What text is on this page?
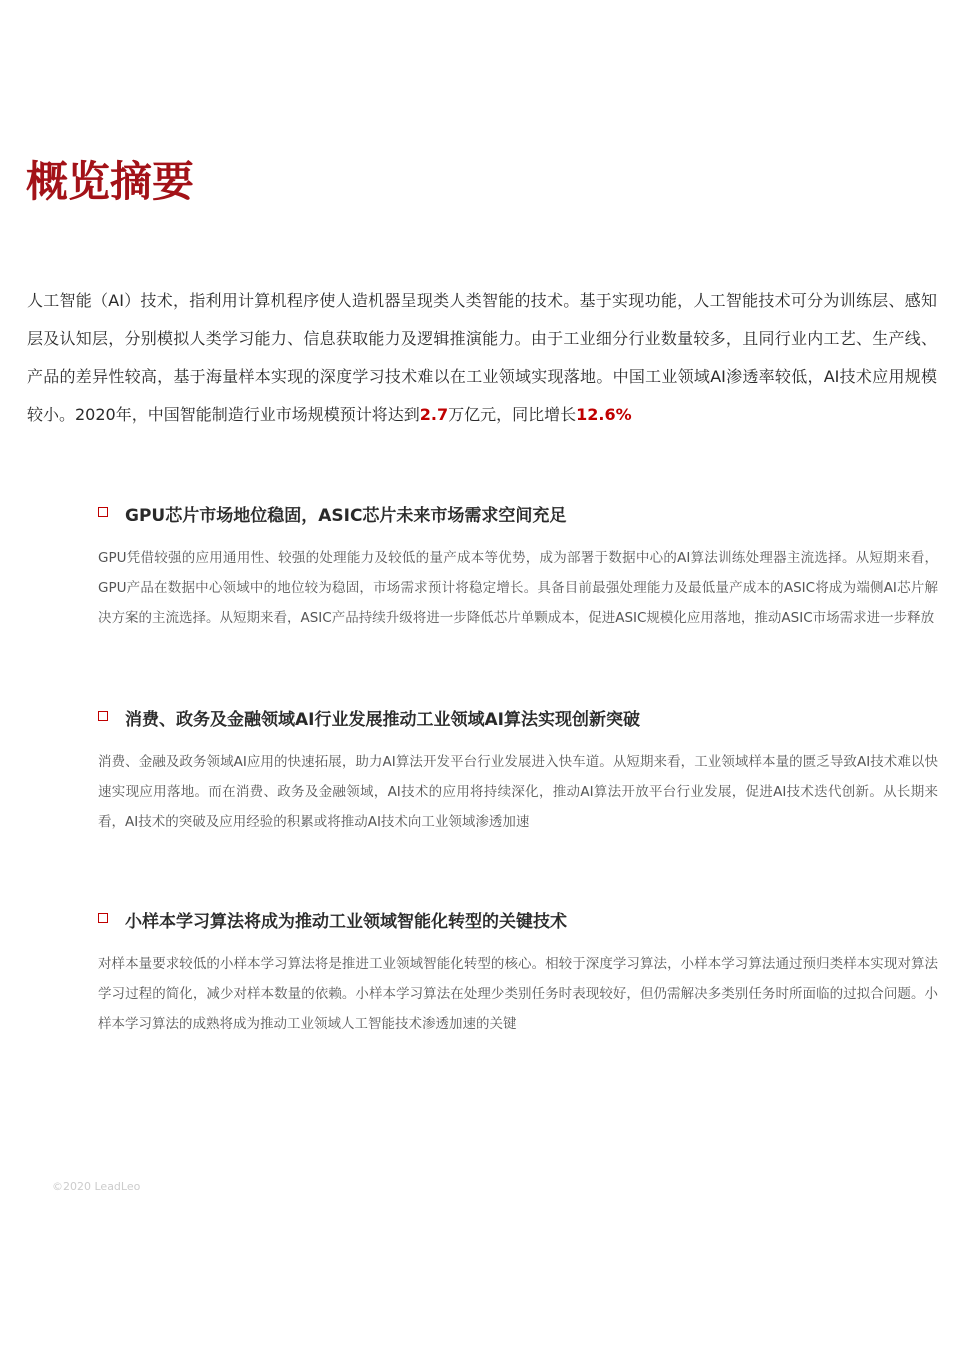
概览摘要
人工智能（AI）技术，指利用计算机程序使人造机器呈现类人类智能的技术。基于实现功能，人工智能技术可分为训练层、感知层及认知层，分别模拟人类学习能力、信息获取能力及逻辑推演能力。由于工业细分行业数量较多，且同行业内工艺、生产线、产品的差异性较高，基于海量样本实现的深度学习技术难以在工业领域实现落地。中国工业领域AI渗透率较低，AI技术应用规模较小。2020年，中国智能制造行业市场规模预计将达到2.7万亿元，同比增长12.6%
GPU芯片市场地位稳固，ASIC芯片未来市场需求空间充足
GPU凭借较强的应用通用性、较强的处理能力及较低的量产成本等优势，成为部署于数据中心的AI算法训练处理器主流选择。从短期来看，GPU产品在数据中心领域中的地位较为稳固，市场需求预计将稳定增长。具备目前最强处理能力及最低量产成本的ASIC将成为端侧AI芯片解决方案的主流选择。从短期来看，ASIC产品持续升级将进一步降低芯片单颗成本，促进ASIC规模化应用落地，推动ASIC市场需求进一步释放
消费、政务及金融领域AI行业发展推动工业领域AI算法实现创新突破
消费、金融及政务领域AI应用的快速拓展，助力AI算法开发平台行业发展进入快车道。从短期来看，工业领域样本量的匮乏导致AI技术难以快速实现应用落地。而在消费、政务及金融领域，AI技术的应用将持续深化，推动AI算法开放平台行业发展，促进AI技术迭代创新。从长期来看，AI技术的突破及应用经验的积累或将推动AI技术向工业领域渗透加速
小样本学习算法将成为推动工业领域智能化转型的关键技术
对样本量要求较低的小样本学习算法将是推进工业领域智能化转型的核心。相较于深度学习算法，小样本学习算法通过预归类样本实现对算法学习过程的简化，减少对样本数量的依赖。小样本学习算法在处理少类别任务时表现较好，但仍需解决多类别任务时所面临的过拟合问题。小样本学习算法的成熟将成为推动工业领域人工智能技术渗透加速的关键
©2020 LeadLeo
